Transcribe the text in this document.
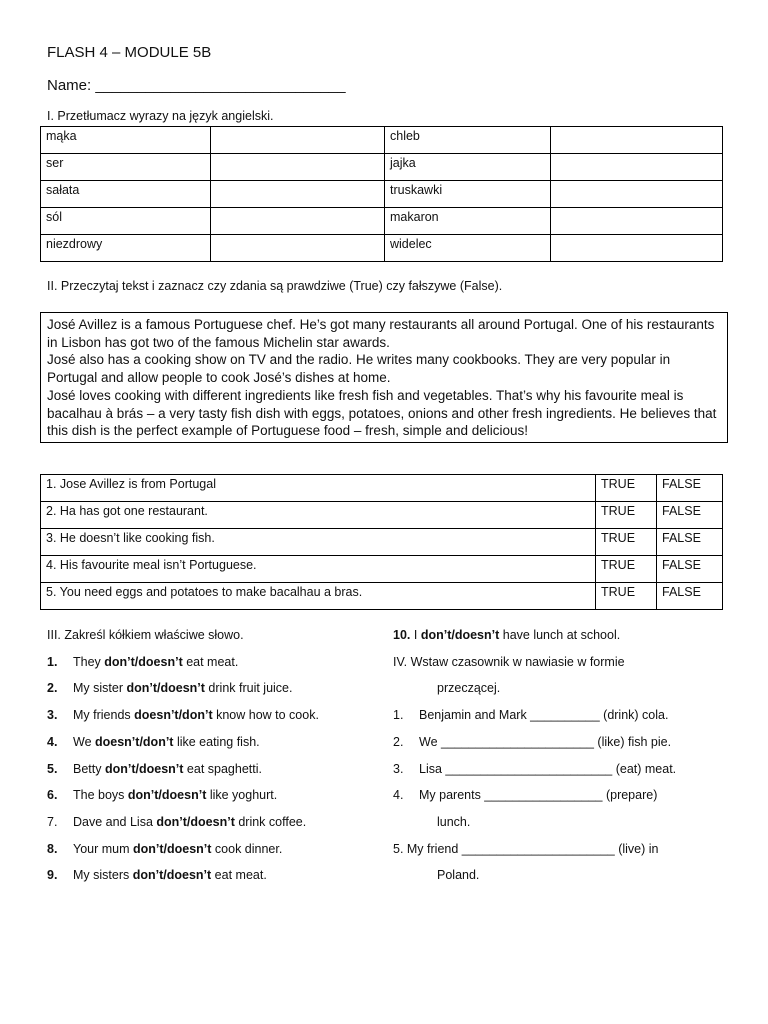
FLASH 4 – MODULE 5B
Name: ______________________________
I. Przetłumacz wyrazy na język angielski.
mąka		chleb	
ser		jajka	
sałata		truskawki	
sól		makaron	
niezdrowy		widelec	
II. Przeczytaj tekst i zaznacz czy zdania są prawdziwe (True) czy fałszywe (False).

José Avillez is a famous Portuguese chef. He’s got many restaurants all around Portugal. One of his restaurants in Lisbon has got two of the famous Michelin star awards.

José also has a cooking show on TV and the radio. He writes many cookbooks. They are very popular in Portugal and allow people to cook José’s dishes at home.

José loves cooking with different ingredients like fresh fish and vegetables. That’s why his favourite meal is bacalhau à brás – a very tasty fish dish with eggs, potatoes, onions and other fresh ingredients. He believes that this dish is the perfect example of Portuguese food – fresh, simple and delicious!

1. Jose Avillez is from Portugal	TRUE	FALSE
2. Ha has got one restaurant.	TRUE	FALSE
3. He doesn’t like cooking fish.	TRUE	FALSE
4. His favourite meal isn’t Portuguese.	TRUE	FALSE
5. You need eggs and potatoes to make bacalhau a bras.	TRUE	FALSE
III. Zakreśl kółkiem właściwe słowo.
1. They don’t/doesn’t eat meat.
2. My sister don’t/doesn’t drink fruit juice.
3. My friends doesn’t/don’t know how to cook.
4. We doesn’t/don’t like eating fish.
5. Betty don’t/doesn’t eat spaghetti.
6. The boys don’t/doesn’t like yoghurt.
7. Dave and Lisa don’t/doesn’t drink coffee.
8. Your mum don’t/doesn’t cook dinner.
9. My sisters don’t/doesn’t eat meat.
10. I don’t/doesn’t have lunch at school.
IV. Wstaw czasownik w nawiasie w formie
przeczącej.
1. Benjamin and Mark __________ (drink) cola.
2. We ______________________ (like) fish pie.
3. Lisa ________________________ (eat) meat.
4. My parents _________________ (prepare)
lunch.
5. My friend ______________________ (live) in
Poland.
